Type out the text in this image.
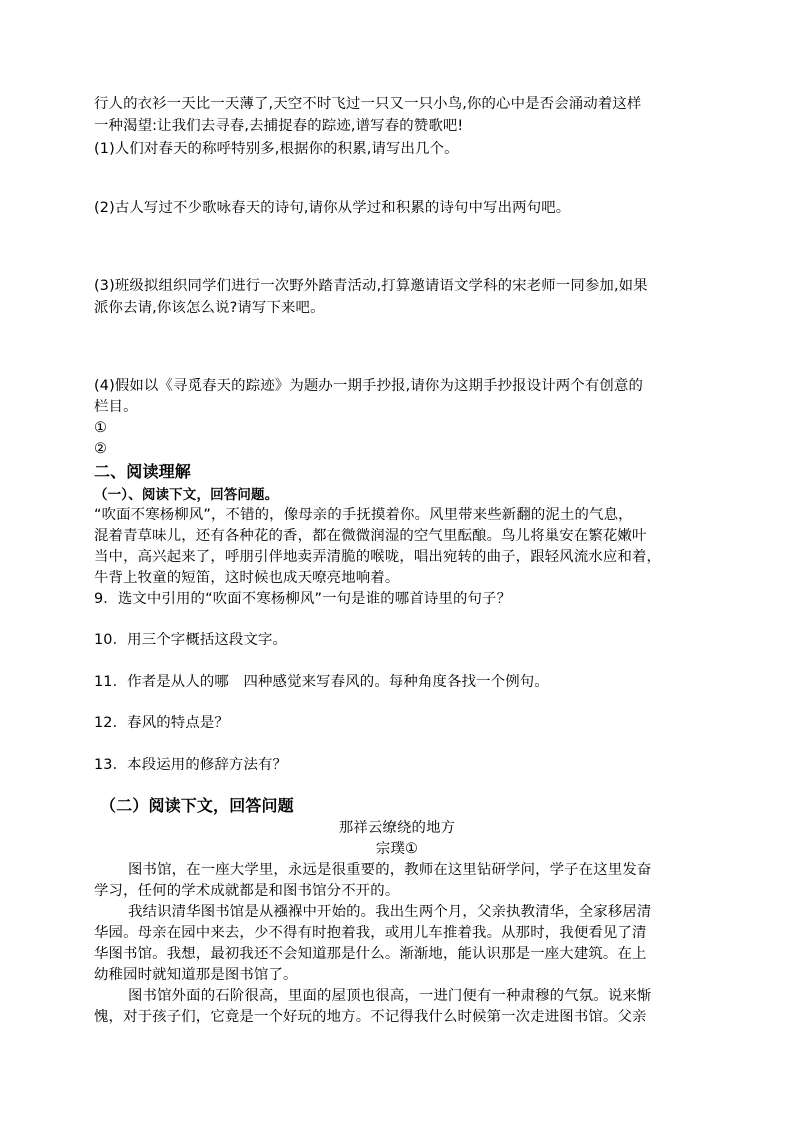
行人的衣衫一天比一天薄了,天空不时飞过一只又一只小鸟,你的心中是否会涌动着这样
一种渴望:让我们去寻春,去捕捉春的踪迹,谱写春的赞歌吧!
(1)人们对春天的称呼特别多,根据你的积累,请写出几个。
(2)古人写过不少歌咏春天的诗句,请你从学过和积累的诗句中写出两句吧。
(3)班级拟组织同学们进行一次野外踏青活动,打算邀请语文学科的宋老师一同参加,如果
派你去请,你该怎么说?请写下来吧。
(4)假如以《寻觅春天的踪迹》为题办一期手抄报,请你为这期手抄报设计两个有创意的
栏目。
①
②
二、阅读理解
（一）、阅读下文，回答问题。
“吹面不寒杨柳风”，不错的，像母亲的手抚摸着你。风里带来些新翻的泥土的气息，
混着青草味儿，还有各种花的香，都在微微润湿的空气里酝酿。鸟儿将巢安在繁花嫩叶
当中，高兴起来了，呼朋引伴地卖弄清脆的喉咙，唱出宛转的曲子，跟轻风流水应和着，
牛背上牧童的短笛，这时候也成天嘹亮地响着。
9．选文中引用的“吹面不寒杨柳风”一句是谁的哪首诗里的句子？
10．用三个字概括这段文字。
11．作者是从人的哪　四种感觉来写春风的。每种角度各找一个例句。
12．春风的特点是？
13．本段运用的修辞方法有？
（二）阅读下文，回答问题
那祥云缭绕的地方
宗璞①
图书馆，在一座大学里，永远是很重要的，教师在这里钻研学问，学子在这里发奋
学习，任何的学术成就都是和图书馆分不开的。
我结识清华图书馆是从襁褓中开始的。我出生两个月，父亲执教清华，全家移居清
华园。母亲在园中来去，少不得有时抱着我，或用儿车推着我。从那时，我便看见了清
华图书馆。我想，最初我还不会知道那是什么。渐渐地，能认识那是一座大建筑。在上
幼稚园时就知道那是图书馆了。
图书馆外面的石阶很高，里面的屋顶也很高，一进门便有一种肃穆的气氛。说来惭
愧，对于孩子们，它竟是一个好玩的地方。不记得我什么时候第一次走进图书馆。父亲
